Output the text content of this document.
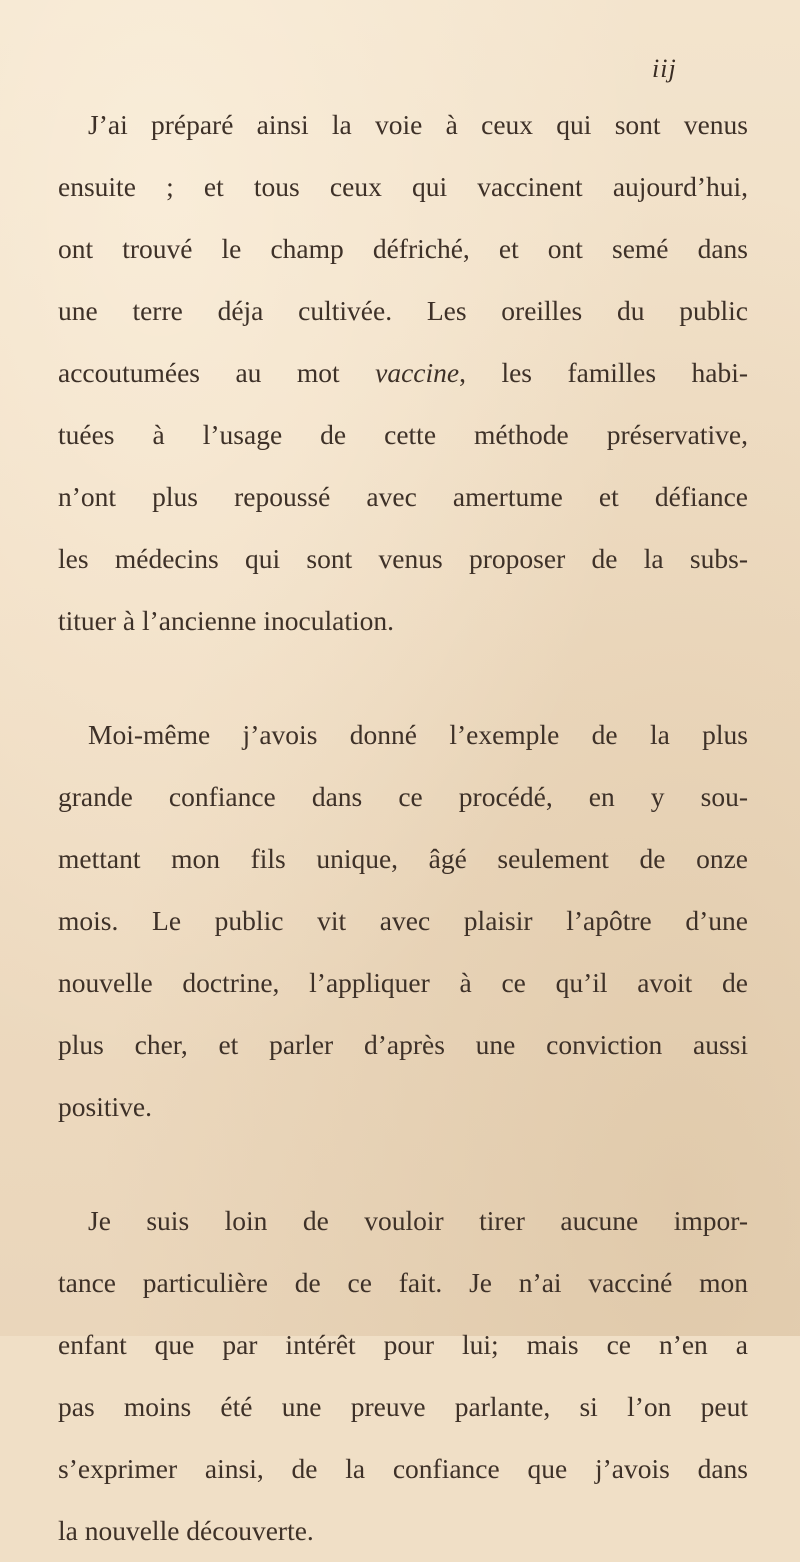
iij
J’ai préparé ainsi la voie à ceux qui sont venus
ensuite ; et tous ceux qui vaccinent aujourd’hui,
ont trouvé le champ défriché, et ont semé dans
une terre déja cultivée. Les oreilles du public
accoutumées au mot vaccine, les familles habi-
tuées à l’usage de cette méthode préservative,
n’ont plus repoussé avec amertume et défiance
les médecins qui sont venus proposer de la subs-
tituer à l’ancienne inoculation.
Moi-même j’avois donné l’exemple de la plus
grande confiance dans ce procédé, en y sou-
mettant mon fils unique, âgé seulement de onze
mois. Le public vit avec plaisir l’apôtre d’une
nouvelle doctrine, l’appliquer à ce qu’il avoit de
plus cher, et parler d’après une conviction aussi
positive.
Je suis loin de vouloir tirer aucune impor-
tance particulière de ce fait. Je n’ai vacciné mon
enfant que par intérêt pour lui; mais ce n’en a
pas moins été une preuve parlante, si l’on peut
s’exprimer ainsi, de la confiance que j’avois dans
la nouvelle découverte.
